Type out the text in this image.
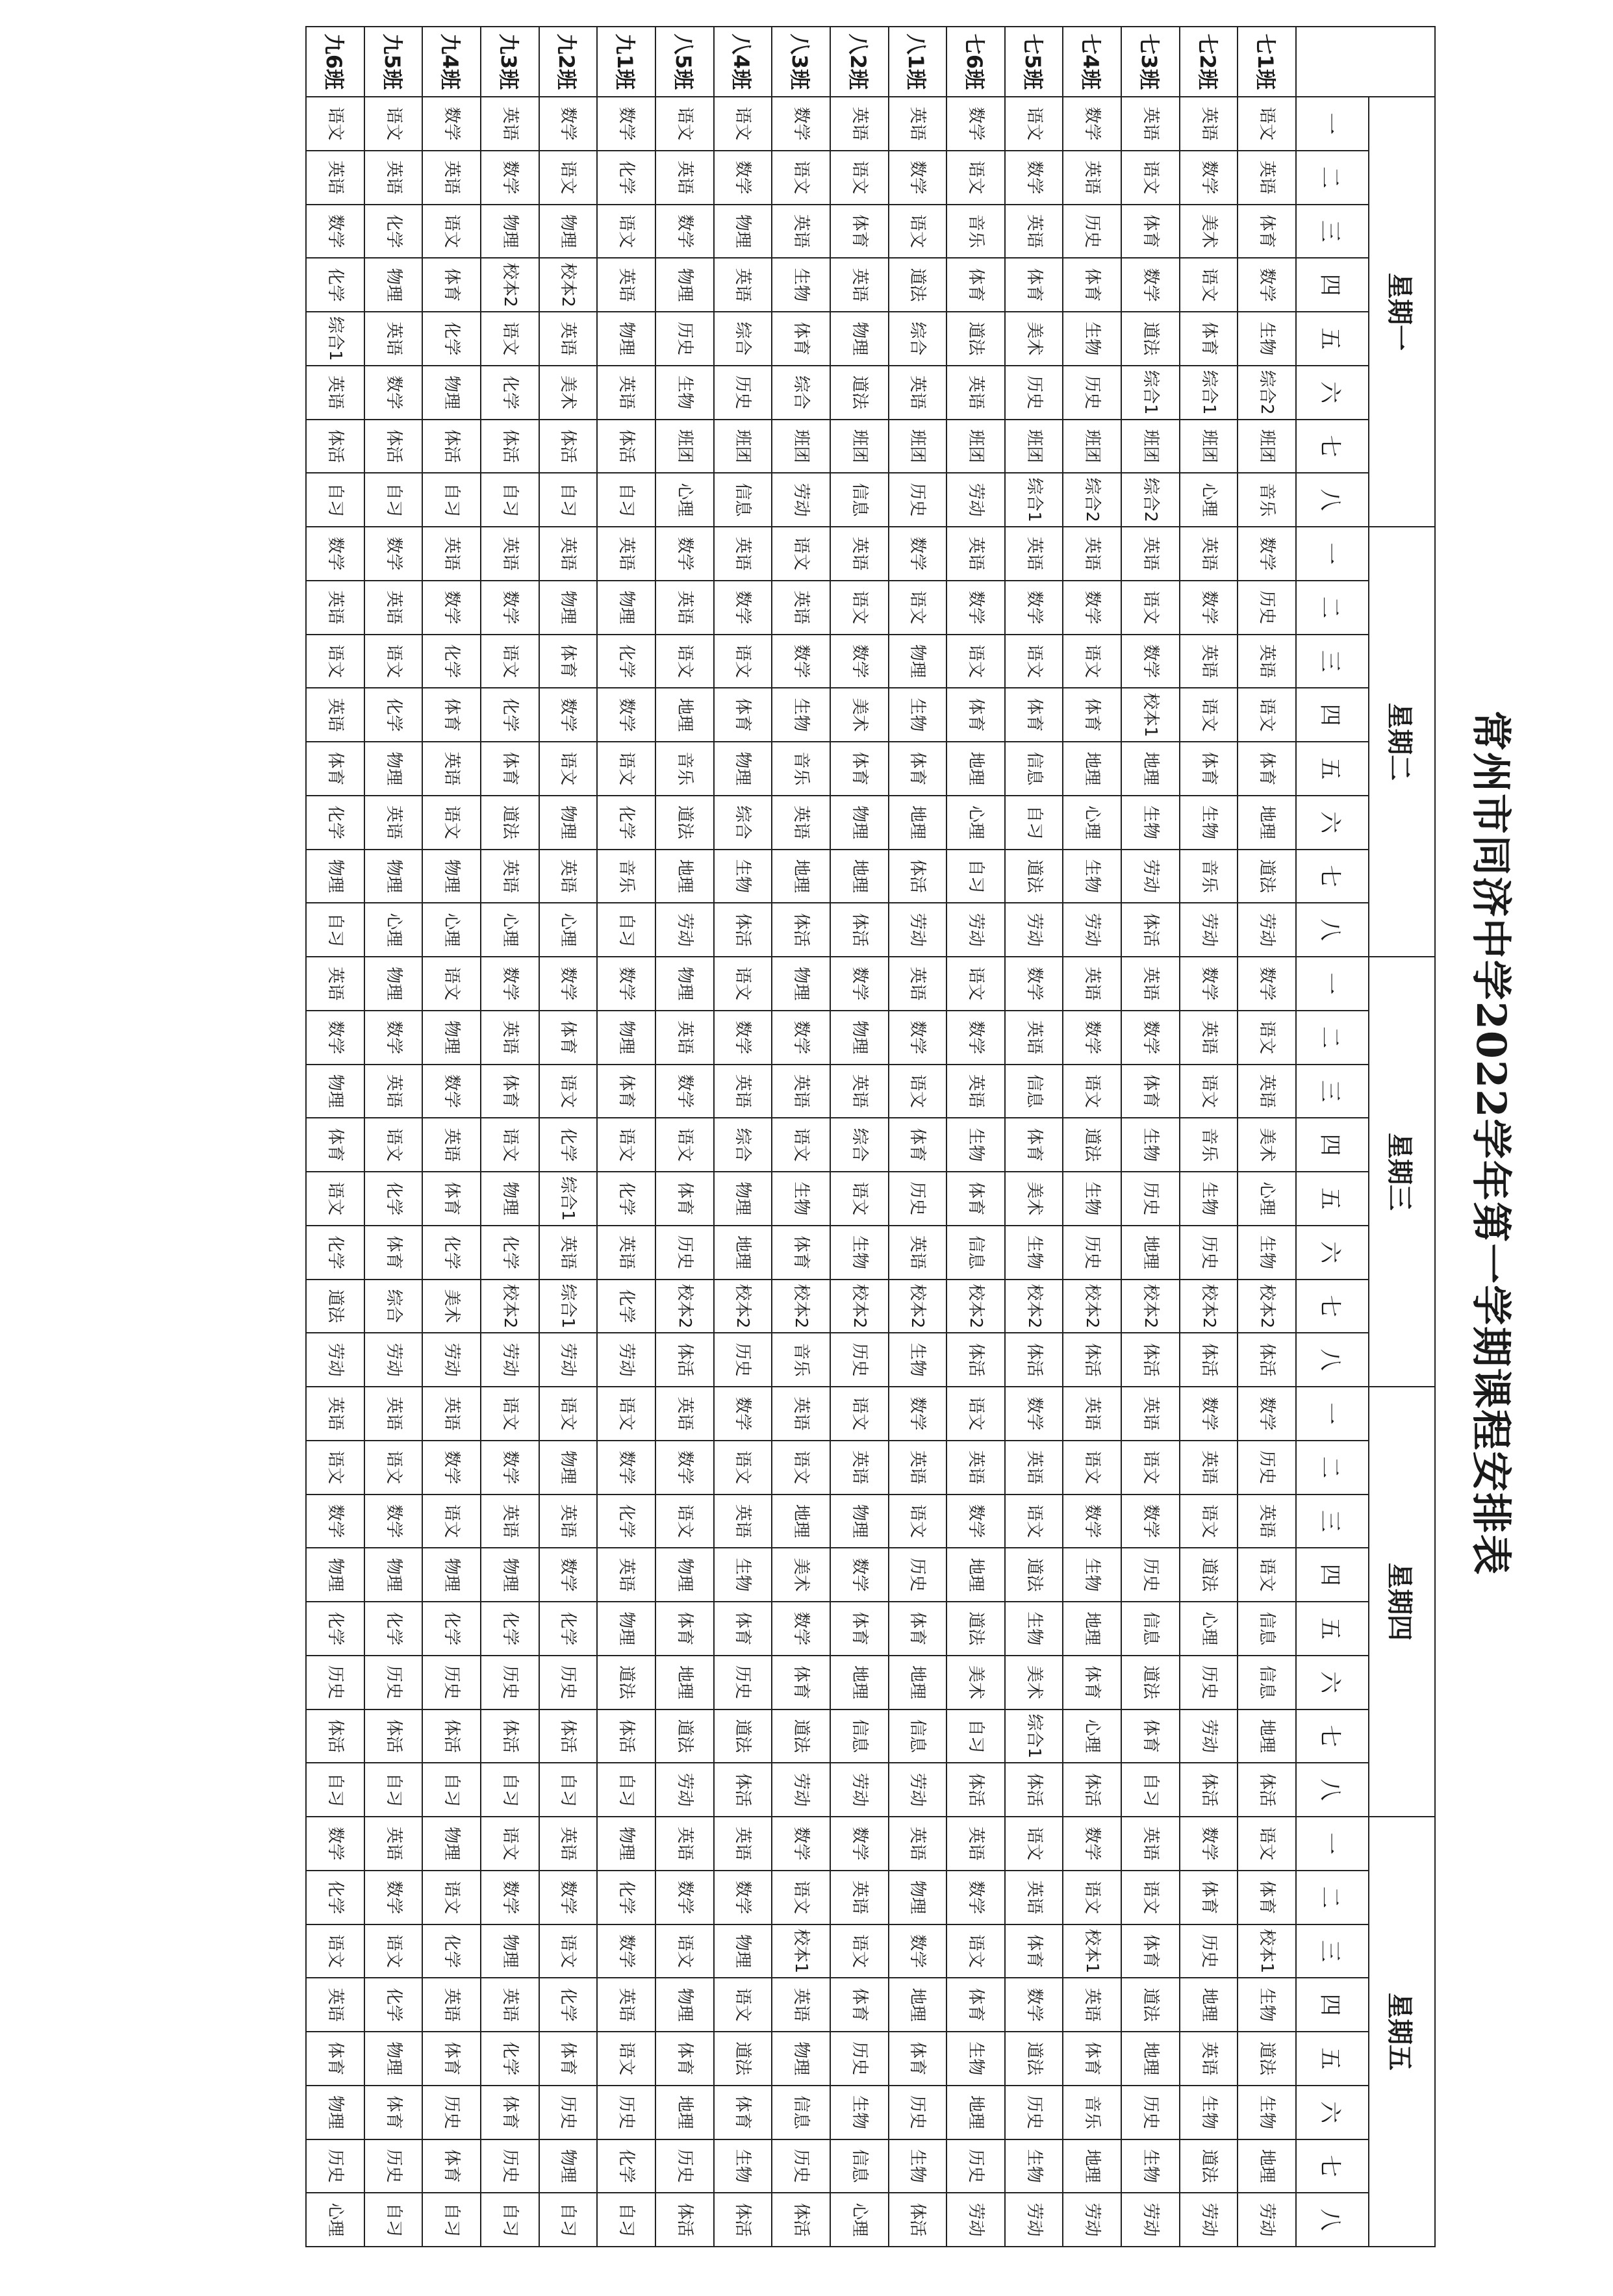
常州市同济中学2022学年第一学期课程安排表
	星期一								星期二								星期三								星期四								星期五							
	一	二	三	四	五	六	七	八	一	二	三	四	五	六	七	八	一	二	三	四	五	六	七	八	一	二	三	四	五	六	七	八	一	二	三	四	五	六	七	八
七1班	语文	英语	体育	数学	生物	综合2	班团	音乐	数学	历史	英语	语文	体育	地理	道法	劳动	数学	语文	英语	美术	心理	生物	校本2	体活	数学	历史	英语	语文	信息	信息	地理	体活	语文	体育	校本1	生物	道法	生物	地理	劳动

七2班	英语	数学	美术	语文	体育	综合1	班团	心理	英语	数学	英语	语文	体育	生物	音乐	劳动	数学	英语	语文	音乐	生物	历史	校本2	体活	数学	英语	语文	道法	心理	历史	劳动	体活	数学	体育	历史	地理	英语	生物	道法	劳动

七3班	英语	语文	体育	数学	道法	综合1	班团	综合2	英语	语文	数学	校本1	地理	生物	劳动	体活	英语	数学	体育	生物	历史	地理	校本2	体活	英语	语文	数学	历史	信息	道法	体育	自习	英语	语文	体育	道法	地理	历史	生物	劳动

七4班	数学	英语	历史	体育	生物	历史	班团	综合2	英语	数学	语文	体育	地理	心理	生物	劳动	英语	数学	语文	道法	生物	历史	校本2	体活	英语	语文	数学	生物	地理	体育	心理	体活	数学	语文	校本1	英语	体育	音乐	地理	劳动

七5班	语文	数学	英语	体育	美术	历史	班团	综合1	英语	数学	语文	体育	信息	自习	道法	劳动	数学	英语	信息	体育	美术	生物	校本2	体活	数学	英语	语文	道法	生物	美术	综合1	体活	语文	英语	体育	数学	道法	历史	生物	劳动

七6班	数学	语文	音乐	体育	道法	英语	班团	劳动	英语	数学	语文	体育	地理	心理	自习	劳动	语文	数学	英语	生物	体育	信息	校本2	体活	语文	英语	数学	地理	道法	美术	自习	体活	英语	数学	语文	体育	生物	地理	历史	劳动

八1班	英语	数学	语文	道法	综合	英语	班团	历史	数学	语文	物理	生物	体育	地理	体活	劳动	英语	数学	语文	体育	历史	英语	校本2	生物	数学	英语	语文	历史	体育	地理	信息	劳动	英语	物理	数学	地理	体育	历史	生物	体活

八2班	英语	语文	体育	英语	物理	道法	班团	信息	英语	语文	数学	美术	体育	物理	地理	体活	数学	物理	英语	综合	语文	生物	校本2	历史	语文	英语	物理	数学	体育	地理	信息	劳动	数学	英语	语文	体育	历史	生物	信息	心理

八3班	数学	语文	英语	生物	体育	综合	班团	劳动	语文	英语	数学	生物	音乐	英语	地理	体活	物理	数学	英语	语文	生物	体育	校本2	音乐	英语	语文	地理	美术	数学	体育	道法	劳动	数学	语文	校本1	英语	物理	信息	历史	体活

八4班	语文	数学	物理	英语	综合	历史	班团	信息	英语	数学	语文	体育	物理	综合	生物	体活	语文	数学	英语	综合	物理	地理	校本2	历史	数学	语文	英语	生物	体育	历史	道法	体活	英语	数学	物理	语文	道法	体育	生物	体活

八5班	语文	英语	数学	物理	历史	生物	班团	心理	数学	英语	语文	地理	音乐	道法	地理	劳动	物理	英语	数学	语文	体育	历史	校本2	体活	英语	数学	语文	物理	体育	地理	道法	劳动	英语	数学	语文	物理	体育	地理	历史	体活

九1班	数学	化学	语文	英语	物理	英语	体活	自习	英语	物理	化学	数学	语文	化学	音乐	自习	数学	物理	体育	语文	化学	英语	化学	劳动	语文	数学	化学	英语	物理	道法	体活	自习	物理	化学	数学	英语	语文	历史	化学	自习

九2班	数学	语文	物理	校本2	英语	美术	体活	自习	英语	物理	体育	数学	语文	物理	英语	心理	数学	体育	语文	化学	综合1	英语	综合1	劳动	语文	物理	英语	数学	化学	历史	体活	自习	英语	数学	语文	化学	体育	历史	物理	自习

九3班	英语	数学	物理	校本2	语文	化学	体活	自习	英语	数学	语文	化学	体育	道法	英语	心理	数学	英语	体育	语文	物理	化学	校本2	劳动	语文	数学	英语	物理	化学	历史	体活	自习	语文	数学	物理	英语	化学	体育	历史	自习

九4班	数学	英语	语文	体育	化学	物理	体活	自习	英语	数学	化学	体育	英语	语文	物理	心理	语文	物理	数学	英语	体育	化学	美术	劳动	英语	数学	语文	物理	化学	历史	体活	自习	物理	语文	化学	英语	体育	历史	体育	自习

九5班	语文	英语	化学	物理	英语	数学	体活	自习	数学	英语	语文	化学	物理	英语	物理	心理	物理	数学	英语	语文	化学	体育	综合	劳动	英语	语文	数学	物理	化学	历史	体活	自习	英语	数学	语文	化学	物理	体育	历史	自习

九6班	语文	英语	数学	化学	综合1	英语	体活	自习	数学	英语	语文	英语	体育	化学	物理	自习	英语	数学	物理	体育	语文	化学	道法	劳动	英语	语文	数学	物理	化学	历史	体活	自习	数学	化学	语文	英语	体育	物理	历史	心理
